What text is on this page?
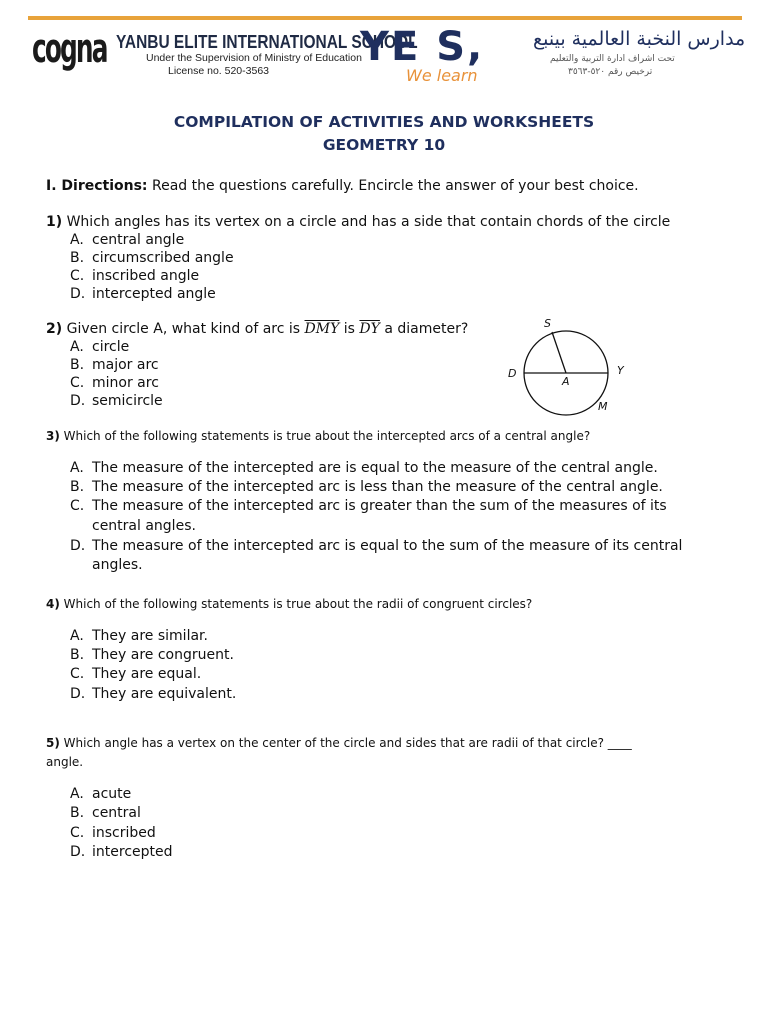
cogna YANBU ELITE INTERNATIONAL SCHOOL
Under the Supervision of Ministry of Education
License no. 520-3563
YE S,
We learn
مدارس النخبة العالمية بينبع
تحت اشراف ادارة التربية والتعليم
ترخيص رقم ٥٢٠-٣٥٦٣
COMPILATION OF ACTIVITIES AND WORKSHEETS
GEOMETRY 10
I. Directions: Read the questions carefully. Encircle the answer of your best choice.
1) Which angles has its vertex on a circle and has a side that contain chords of the circle
A. central angle
B. circumscribed angle
C. inscribed angle
D. intercepted angle
2) Given circle A, what kind of arc is $\overline{DMY}$ is $\overline{DY}$ a diameter?
A. circle
B. major arc
C. minor arc
D. semicircle
S
D
A
Y
M
3) Which of the following statements is true about the intercepted arcs of a central angle?
A. The measure of the intercepted are is equal to the measure of the central angle.
B. The measure of the intercepted arc is less than the measure of the central angle.
C. The measure of the intercepted arc is greater than the sum of the measures of its
central angles.
D. The measure of the intercepted arc is equal to the sum of the measure of its central
angles.
4) Which of the following statements is true about the radii of congruent circles?
A. They are similar.
B. They are congruent.
C. They are equal.
D. They are equivalent.
5) Which angle has a vertex on the center of the circle and sides that are radii of that circle? ____
angle.
A. acute
B. central
C. inscribed
D. intercepted
